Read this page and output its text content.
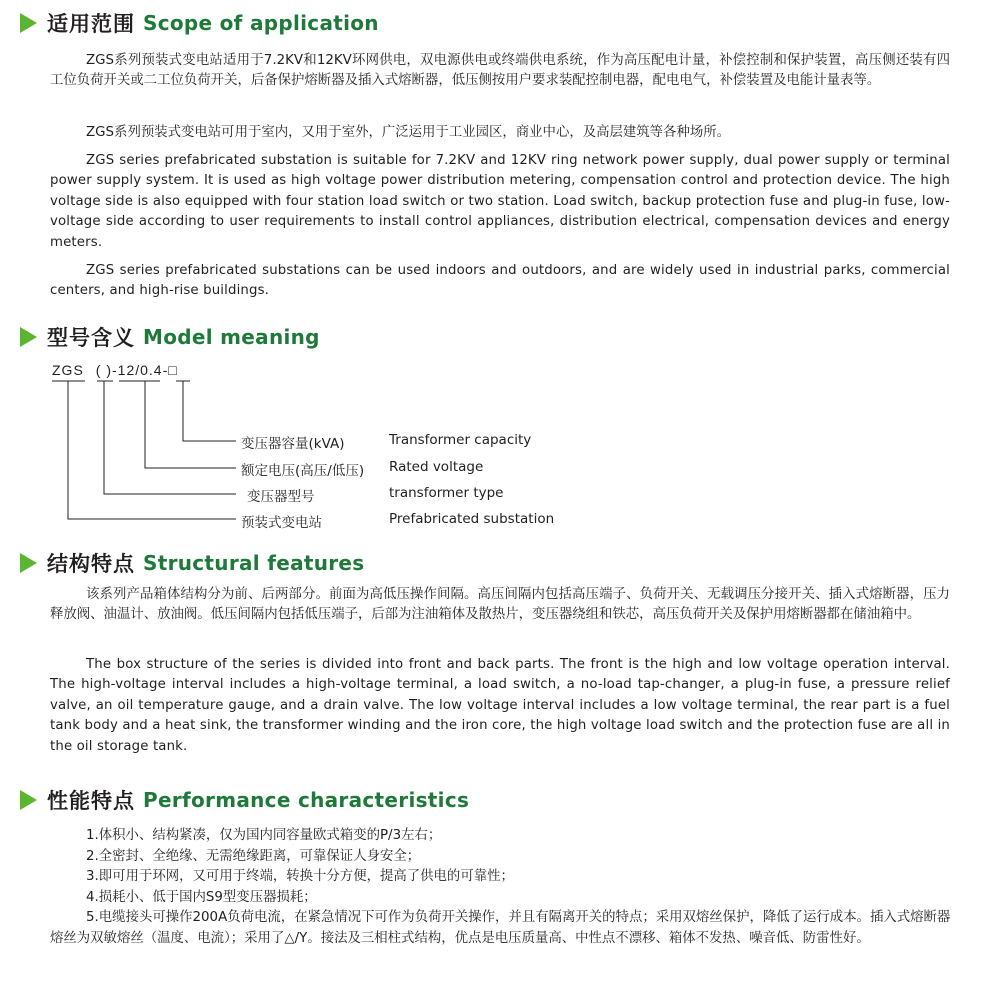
适用范围 Scope of application

ZGS系列预装式变电站适用于7.2KV和12KV环网供电，双电源供电或终端供电系统，作为高压配电计量，补偿控制和保护装置，高压侧还装有四工位负荷开关或二工位负荷开关，后备保护熔断器及插入式熔断器，低压侧按用户要求装配控制电器，配电电气，补偿装置及电能计量表等。

ZGS系列预装式变电站可用于室内，又用于室外，广泛运用于工业园区，商业中心，及高层建筑等各种场所。

ZGS series prefabricated substation is suitable for 7.2KV and 12KV ring network power supply, dual power supply or terminal power supply system. It is used as high voltage power distribution metering, compensation control and protection device. The high voltage side is also equipped with four station load switch or two station. Load switch, backup protection fuse and plug-in fuse, low-voltage side according to user requirements to install control appliances, distribution electrical, compensation devices and energy meters.

ZGS series prefabricated substations can be used indoors and outdoors, and are widely used in industrial parks, commercial centers, and high-rise buildings.

型号含义 Model meaning
ZGS ( )-12/0.4-□
变压器容量(kVA)	Transformer capacity
额定电压(高压/低压) Rated voltage
变压器型号	transformer type
预装式变电站	Prefabricated substation
结构特点 Structural features

该系列产品箱体结构分为前、后两部分。前面为高低压操作间隔。高压间隔内包括高压端子、负荷开关、无载调压分接开关、插入式熔断器，压力释放阀、油温计、放油阀。低压间隔内包括低压端子，后部为注油箱体及散热片，变压器绕组和铁芯，高压负荷开关及保护用熔断器都在储油箱中。

The box structure of the series is divided into front and back parts. The front is the high and low voltage operation interval. The high-voltage interval includes a high-voltage terminal, a load switch, a no-load tap-changer, a plug-in fuse, a pressure relief valve, an oil temperature gauge, and a drain valve. The low voltage interval includes a low voltage terminal, the rear part is a fuel tank body and a heat sink, the transformer winding and the iron core, the high voltage load switch and the protection fuse are all in the oil storage tank.

性能特点 Performance characteristics
1.体积小、结构紧凑，仅为国内同容量欧式箱变的P/3左右；
2.全密封、全绝缘、无需绝缘距离，可靠保证人身安全；
3.即可用于环网，又可用于终端，转换十分方便，提高了供电的可靠性；
4.损耗小、低于国内S9型变压器损耗；
5.电缆接头可操作200A负荷电流，在紧急情况下可作为负荷开关操作，并且有隔离开关的特点；采用双熔丝保护，降低了运行成本。插入式熔断器熔丝为双敏熔丝（温度、电流）；采用了△/Y。接法及三相柱式结构，优点是电压质量高、中性点不漂移、箱体不发热、噪音低、防雷性好。
